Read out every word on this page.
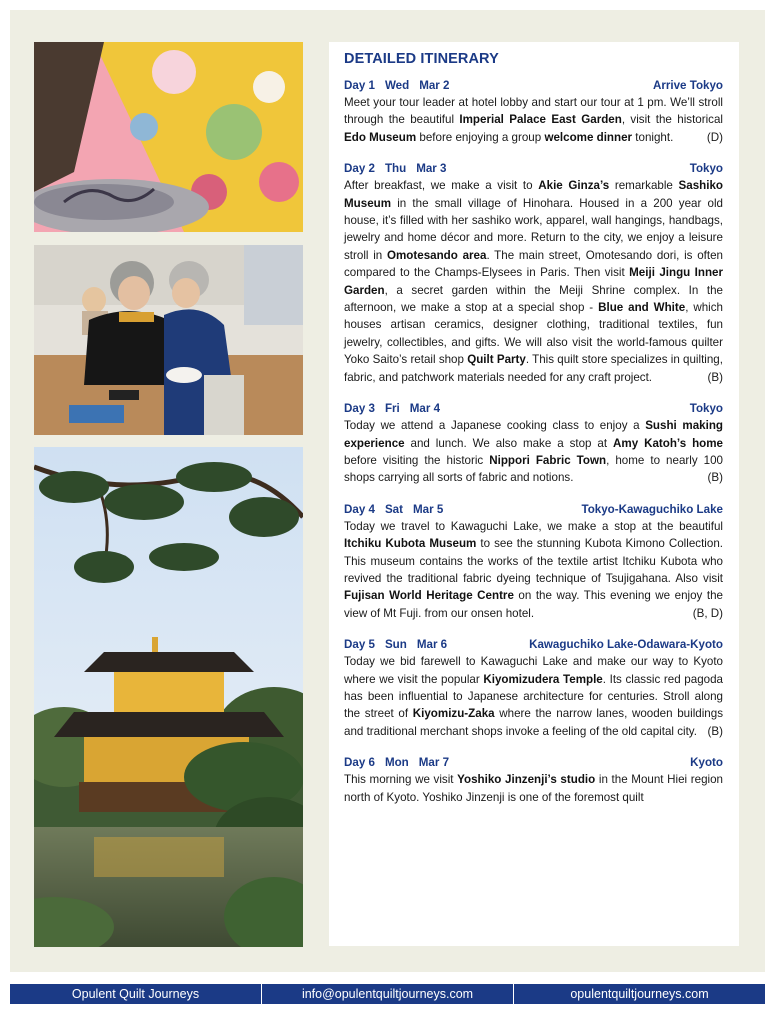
DETAILED ITINERARY
Day 1 Wed Mar 2	Arrive Tokyo
Meet your tour leader at hotel lobby and start our tour at 1 pm. We’ll stroll through the beautiful Imperial Palace East Garden, visit the historical Edo Museum before enjoying a group welcome dinner tonight.	(D)
Day 2 Thu Mar 3	Tokyo
After breakfast, we make a visit to Akie Ginza’s remarkable Sashiko Museum in the small village of Hinohara. Housed in a 200 year old house, it’s filled with her sashiko work, apparel, wall hangings, handbags, jewelry and home décor and more. Return to the city, we enjoy a leisure stroll in Omotesando area. The main street, Omotesando dori, is often compared to the Champs-Elysees in Paris. Then visit Meiji Jingu Inner Garden, a secret garden within the Meiji Shrine complex. In the afternoon, we make a stop at a special shop - Blue and White, which houses artisan ceramics, designer clothing, traditional textiles, fun jewelry, collectibles, and gifts. We will also visit the world-famous quilter Yoko Saito’s retail shop Quilt Party. This quilt store specializes in quilting, fabric, and patchwork materials needed for any craft project.	(B)
Day 3 Fri Mar 4	Tokyo
Today we attend a Japanese cooking class to enjoy a Sushi making experience and lunch. We also make a stop at Amy Katoh’s home before visiting the historic Nippori Fabric Town, home to nearly 100 shops carrying all sorts of fabric and notions.	(B)
Day 4 Sat Mar 5	Tokyo-Kawaguchiko Lake
Today we travel to Kawaguchi Lake, we make a stop at the beautiful Itchiku Kubota Museum to see the stunning Kubota Kimono Collection. This museum contains the works of the textile artist Itchiku Kubota who revived the traditional fabric dyeing technique of Tsujigahana. Also visit Fujisan World Heritage Centre on the way. This evening we enjoy the view of Mt Fuji. from our onsen hotel.	(B, D)
Day 5 Sun Mar 6	Kawaguchiko Lake-Odawara-Kyoto
Today we bid farewell to Kawaguchi Lake and make our way to Kyoto where we visit the popular Kiyomizudera Temple. Its classic red pagoda has been influential to Japanese architecture for centuries. Stroll along the street of Kiyomizu-Zaka where the narrow lanes, wooden buildings and traditional merchant shops invoke a feeling of the old capital city. (B)
Day 6 Mon Mar 7	Kyoto
This morning we visit Yoshiko Jinzenji’s studio in the Mount Hiei region north of Kyoto. Yoshiko Jinzenji is one of the foremost quilt
Opulent Quilt Journeys	info@opulentquiltjourneys.com	opulentquiltjourneys.com
